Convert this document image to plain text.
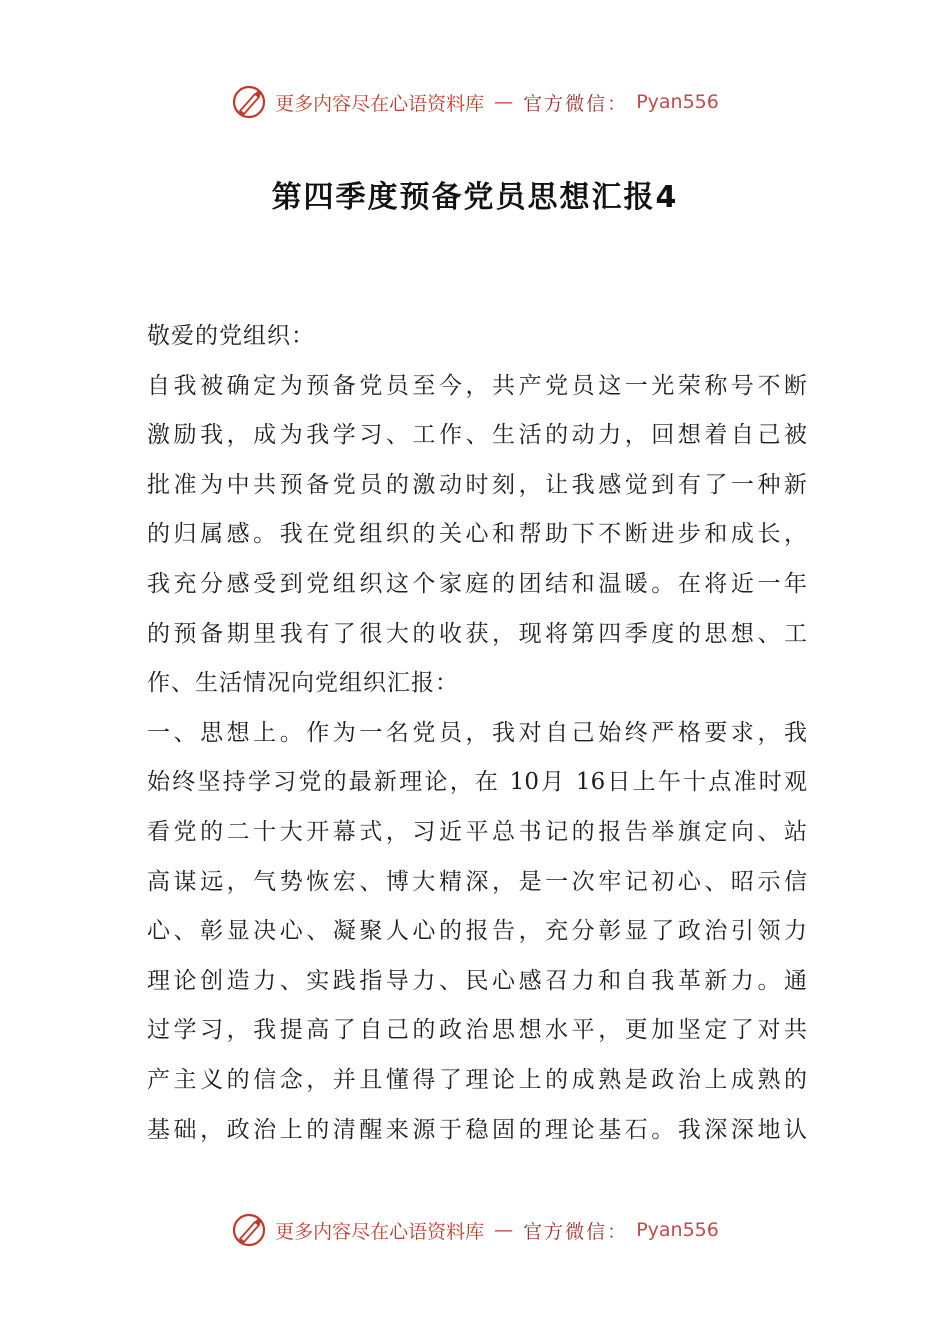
更多内容尽在心语资料库 — 官方微信： Pyan556
第四季度预备党员思想汇报4
敬爱的党组织：
自我被确定为预备党员至今，共产党员这一光荣称号不断
激励我，成为我学习、工作、生活的动力，回想着自己被
批准为中共预备党员的激动时刻，让我感觉到有了一种新
的归属感。我在党组织的关心和帮助下不断进步和成长，
我充分感受到党组织这个家庭的团结和温暖。在将近一年
的预备期里我有了很大的收获，现将第四季度的思想、工
作、生活情况向党组织汇报：
一、思想上。作为一名党员，我对自己始终严格要求，我
始终坚持学习党的最新理论，在 10月 16日上午十点准时观
看党的二十大开幕式，习近平总书记的报告举旗定向、站
高谋远，气势恢宏、博大精深，是一次牢记初心、昭示信
心、彰显决心、凝聚人心的报告，充分彰显了政治引领力
理论创造力、实践指导力、民心感召力和自我革新力。通
过学习，我提高了自己的政治思想水平，更加坚定了对共
产主义的信念，并且懂得了理论上的成熟是政治上成熟的
基础，政治上的清醒来源于稳固的理论基石。我深深地认
更多内容尽在心语资料库 — 官方微信： Pyan556
